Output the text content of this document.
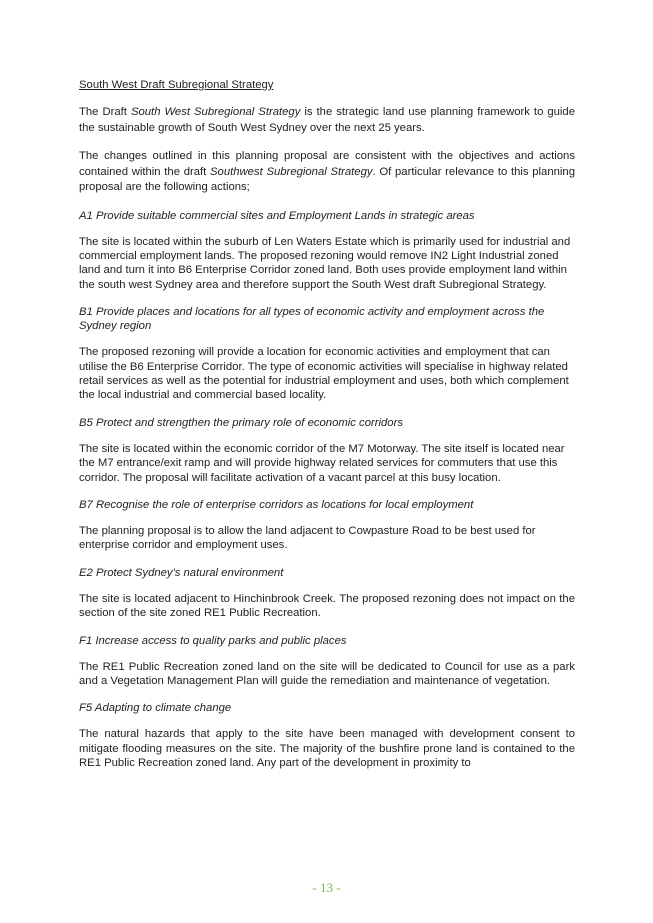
South West Draft Subregional Strategy

The Draft South West Subregional Strategy is the strategic land use planning framework to guide the sustainable growth of South West Sydney over the next 25 years.

The changes outlined in this planning proposal are consistent with the objectives and actions contained within the draft Southwest Subregional Strategy. Of particular relevance to this planning proposal are the following actions;

A1 Provide suitable commercial sites and Employment Lands in strategic areas

The site is located within the suburb of Len Waters Estate which is primarily used for industrial and commercial employment lands. The proposed rezoning would remove IN2 Light Industrial zoned land and turn it into B6 Enterprise Corridor zoned land. Both uses provide employment land within the south west Sydney area and therefore support the South West draft Subregional Strategy.

B1 Provide places and locations for all types of economic activity and employment across the Sydney region

The proposed rezoning will provide a location for economic activities and employment that can utilise the B6 Enterprise Corridor. The type of economic activities will specialise in highway related retail services as well as the potential for industrial employment and uses, both which complement the local industrial and commercial based locality.

B5 Protect and strengthen the primary role of economic corridors

The site is located within the economic corridor of the M7 Motorway. The site itself is located near the M7 entrance/exit ramp and will provide highway related services for commuters that use this corridor. The proposal will facilitate activation of a vacant parcel at this busy location.

B7 Recognise the role of enterprise corridors as locations for local employment

The planning proposal is to allow the land adjacent to Cowpasture Road to be best used for enterprise corridor and employment uses.

E2 Protect Sydney's natural environment

The site is located adjacent to Hinchinbrook Creek. The proposed rezoning does not impact on the section of the site zoned RE1 Public Recreation.

F1 Increase access to quality parks and public places

The RE1 Public Recreation zoned land on the site will be dedicated to Council for use as a park and a Vegetation Management Plan will guide the remediation and maintenance of vegetation.

F5 Adapting to climate change

The natural hazards that apply to the site have been managed with development consent to mitigate flooding measures on the site. The majority of the bushfire prone land is contained to the RE1 Public Recreation zoned land. Any part of the development in proximity to

- 13 -
